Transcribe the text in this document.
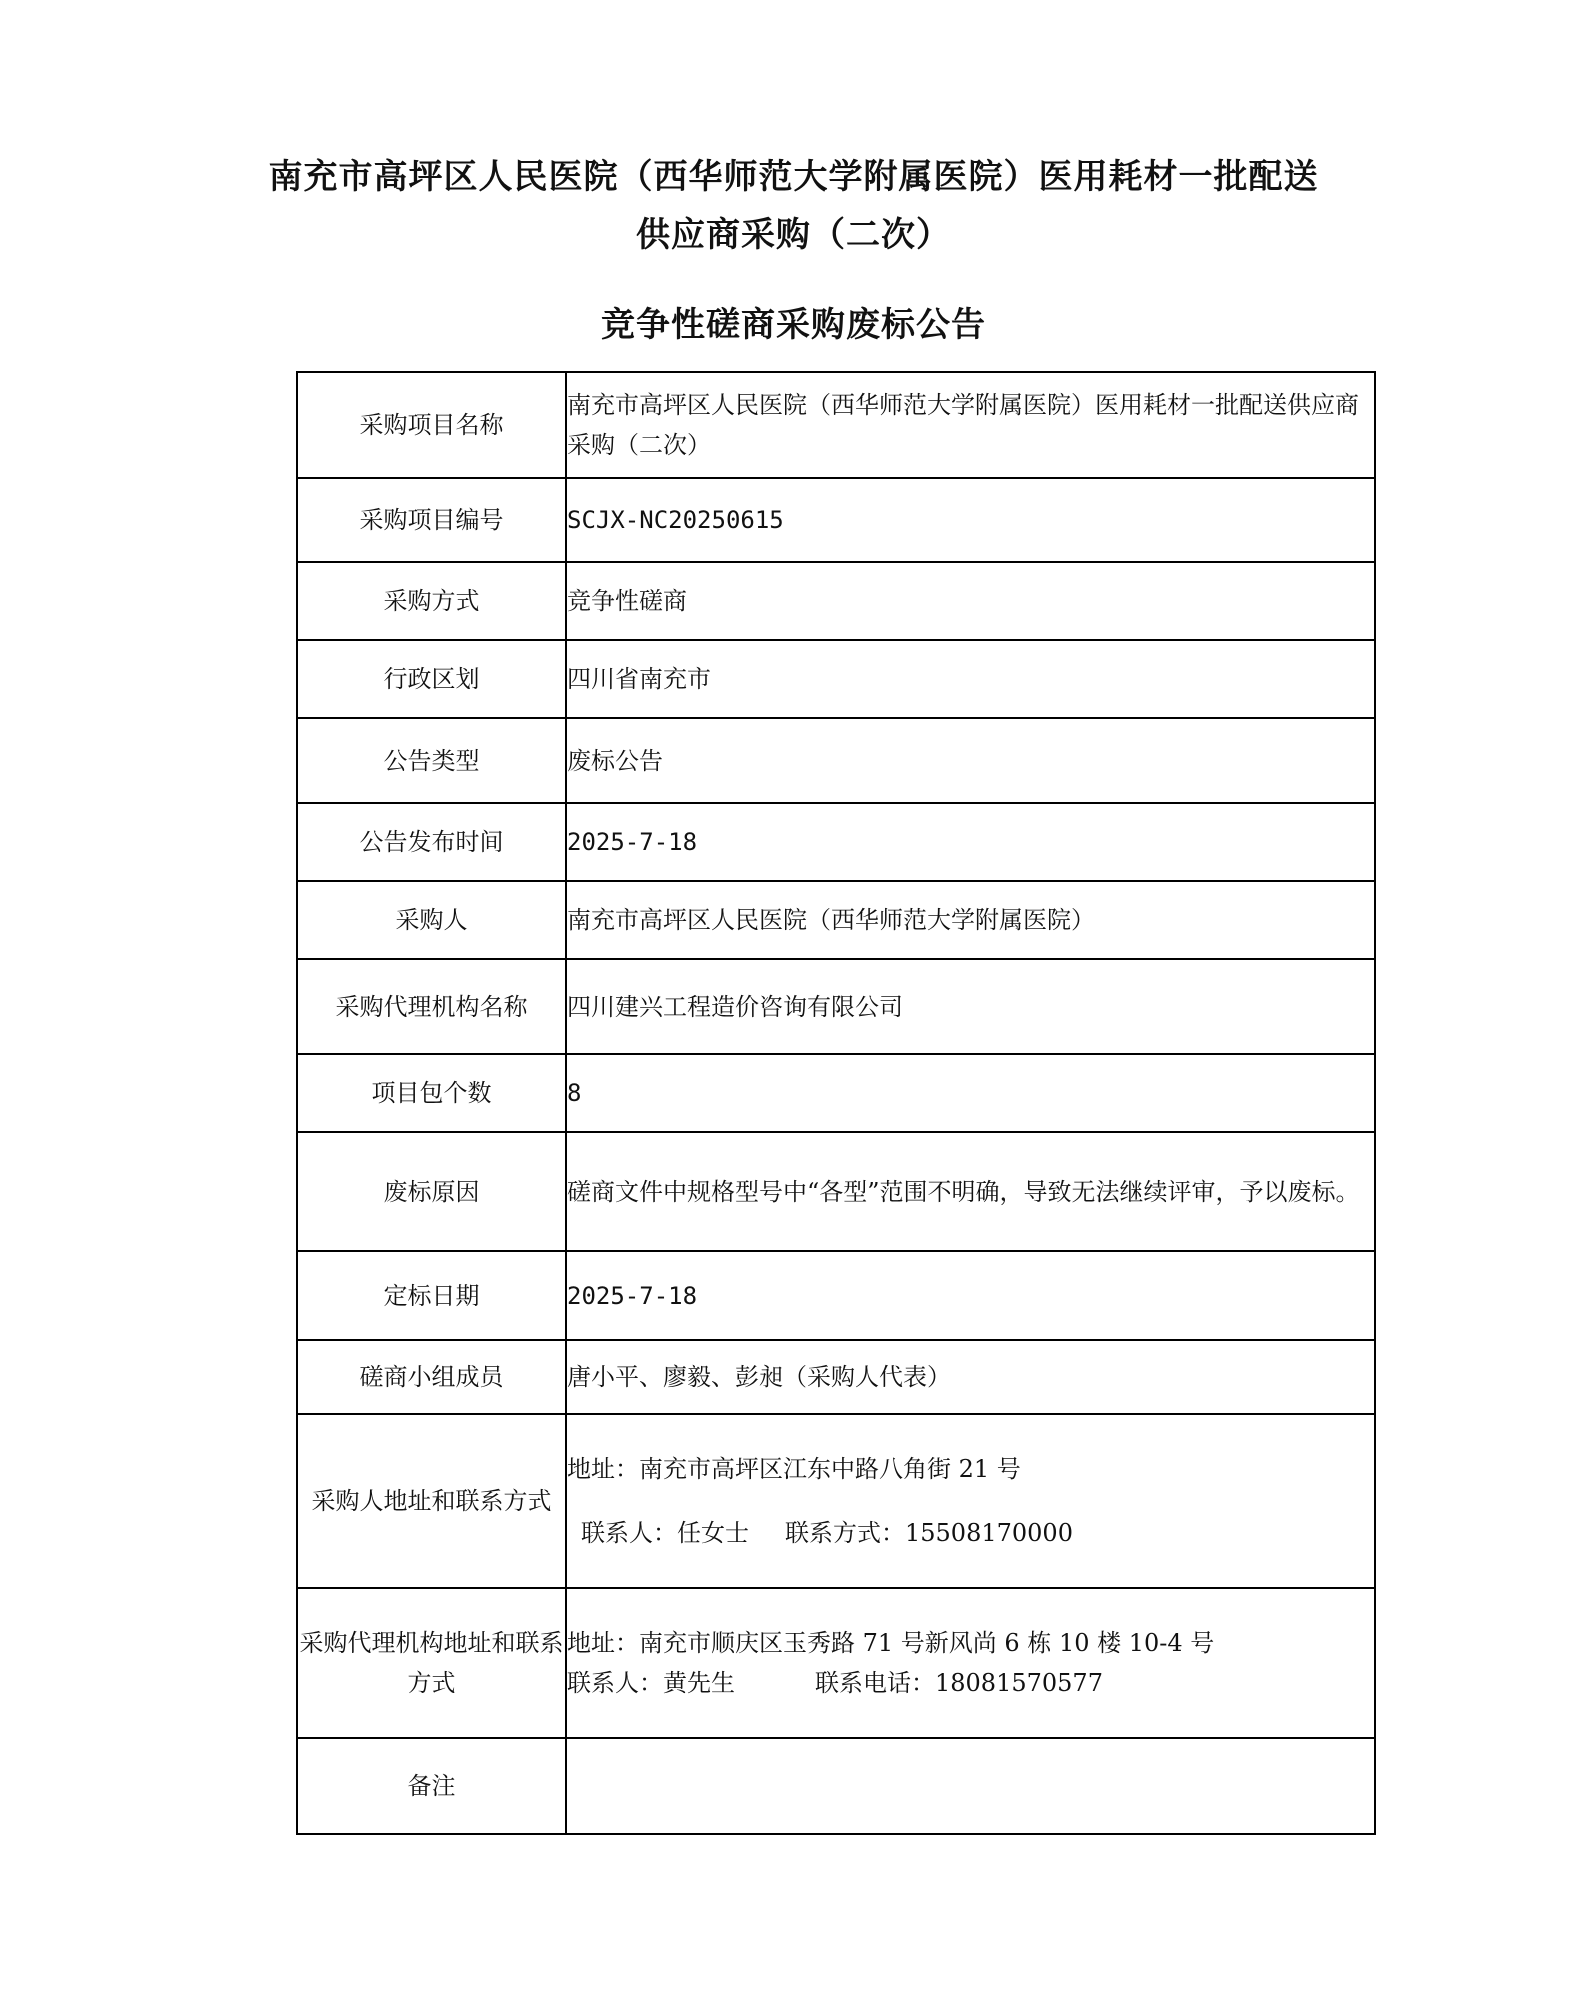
南充市高坪区人民医院（西华师范大学附属医院）医用耗材一批配送
供应商采购（二次）
竞争性磋商采购废标公告
采购项目名称	南充市高坪区人民医院（西华师范大学附属医院）医用耗材一批配送供应商采购（二次）
采购项目编号	SCJX-NC20250615
采购方式	竞争性磋商
行政区划	四川省南充市
公告类型	废标公告
公告发布时间	2025-7-18
采购人	南充市高坪区人民医院（西华师范大学附属医院）
采购代理机构名称	四川建兴工程造价咨询有限公司
项目包个数	8
废标原因	磋商文件中规格型号中“各型”范围不明确，导致无法继续评审，予以废标。
定标日期	2025-7-18
磋商小组成员	唐小平、廖毅、彭昶（采购人代表）
采购人地址和联系方式	地址：南充市高坪区江东中路八角街 21 号
联系人：任女士 联系方式：15508170000

采购代理机构地址和联系方式	地址：南充市顺庆区玉秀路 71 号新风尚 6 栋 10 楼 10-4 号
联系人：黄先生 联系电话：18081570577

备注	
